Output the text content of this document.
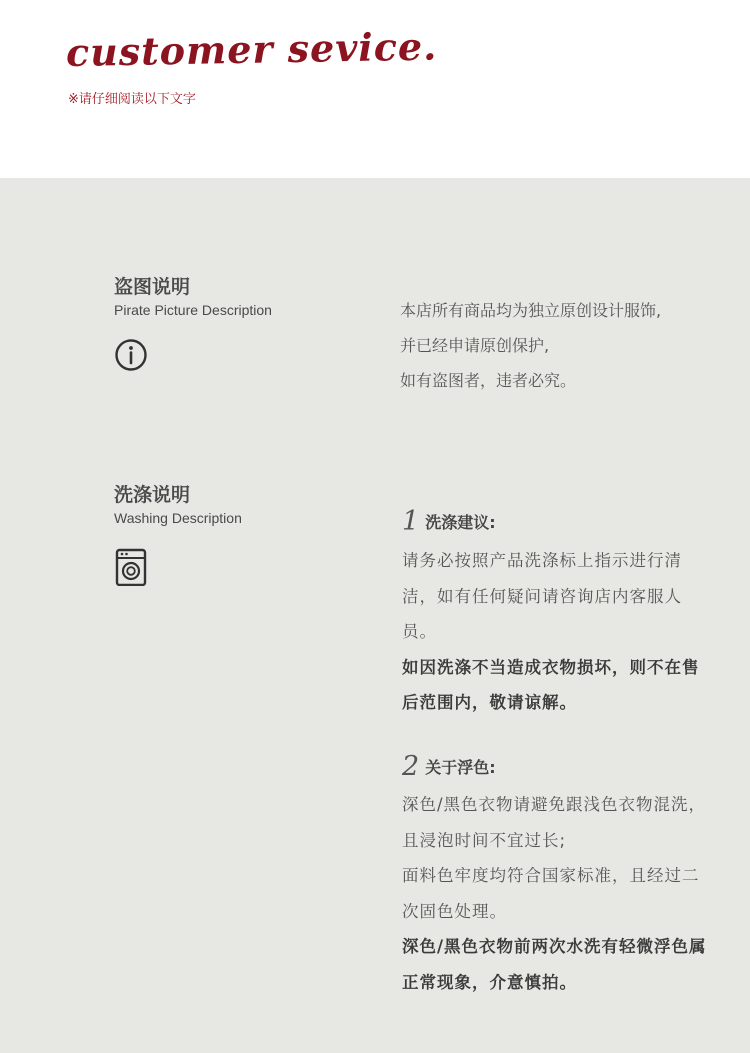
customer sevice.
※请仔细阅读以下文字
盗图说明
Pirate Picture Description	本店所有商品均为独立原创设计服饰,

并已经申请原创保护,

如有盗图者，违者必究。

洗涤说明
Washing Description	1 洗涤建议:

请务必按照产品洗涤标上指示进行清洁，如有任何疑问请咨询店内客服人员。

如因洗涤不当造成衣物损坏，则不在售后范围内，敬请谅解。

2 关于浮色:

深色/黑色衣物请避免跟浅色衣物混洗，且浸泡时间不宜过长;

面料色牢度均符合国家标准，且经过二次固色处理。

深色/黑色衣物前两次水洗有轻微浮色属正常现象，介意慎拍。
